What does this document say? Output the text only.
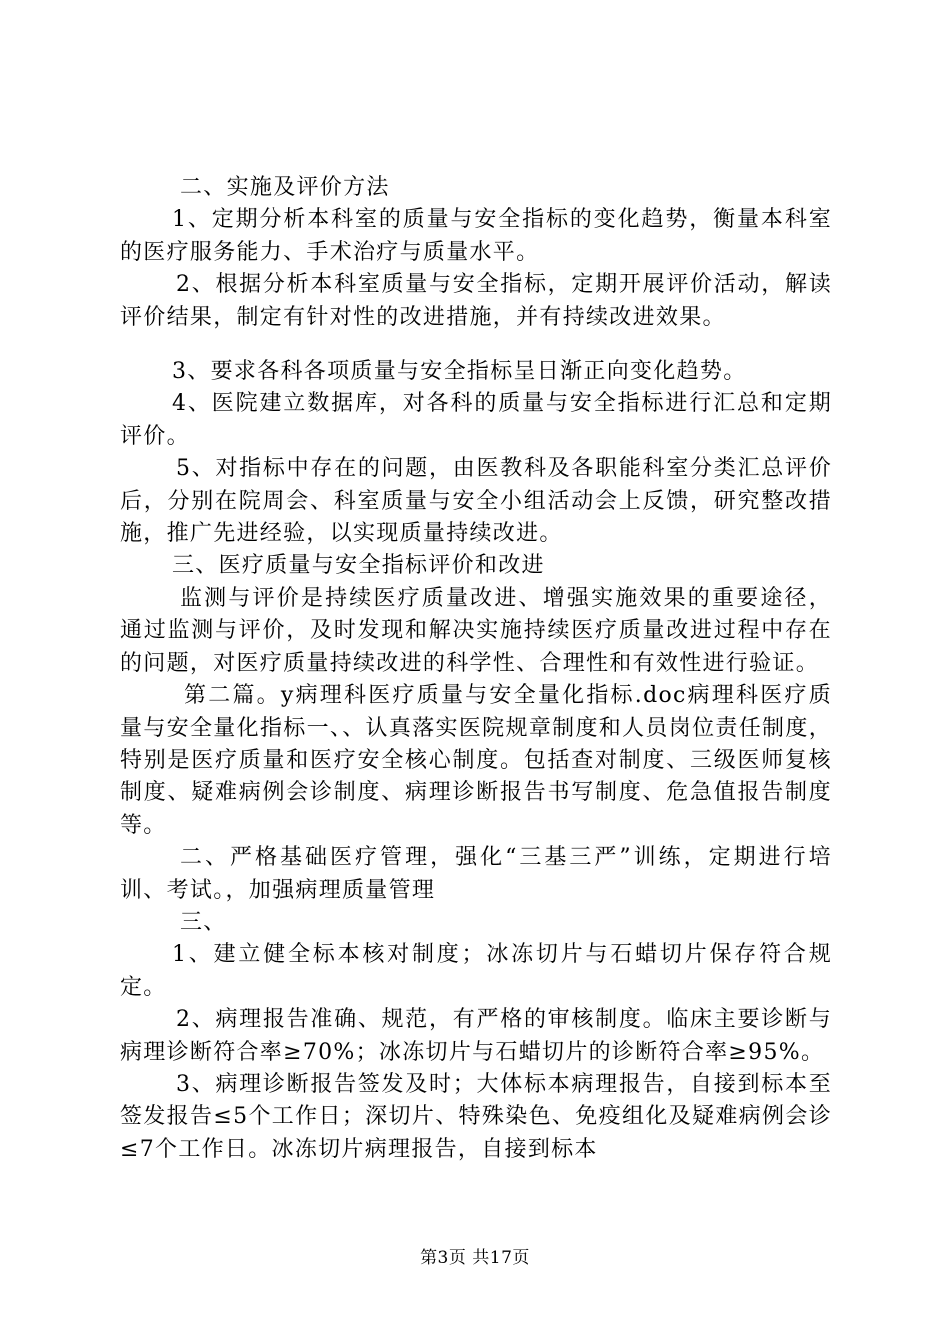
二、实施及评价方法

1、定期分析本科室的质量与安全指标的变化趋势，衡量本科室的医疗服务能力、手术治疗与质量水平。

2、根据分析本科室质量与安全指标，定期开展评价活动，解读评价结果，制定有针对性的改进措施，并有持续改进效果。

3、要求各科各项质量与安全指标呈日渐正向变化趋势。

4、医院建立数据库，对各科的质量与安全指标进行汇总和定期评价。

5、对指标中存在的问题，由医教科及各职能科室分类汇总评价后，分别在院周会、科室质量与安全小组活动会上反馈，研究整改措施，推广先进经验，以实现质量持续改进。

三、医疗质量与安全指标评价和改进

监测与评价是持续医疗质量改进、增强实施效果的重要途径，通过监测与评价，及时发现和解决实施持续医疗质量改进过程中存在的问题，对医疗质量持续改进的科学性、合理性和有效性进行验证。

第二篇。y病理科医疗质量与安全量化指标.doc病理科医疗质量与安全量化指标一、、认真落实医院规章制度和人员岗位责任制度，特别是医疗质量和医疗安全核心制度。包括查对制度、三级医师复核制度、疑难病例会诊制度、病理诊断报告书写制度、危急值报告制度等。

二、严格基础医疗管理，强化“三基三严”训练，定期进行培训、考试。，加强病理质量管理

三、

1、建立健全标本核对制度；冰冻切片与石蜡切片保存符合规定。

2、病理报告准确、规范，有严格的审核制度。临床主要诊断与病理诊断符合率≥70%；冰冻切片与石蜡切片的诊断符合率≥95%。

3、病理诊断报告签发及时；大体标本病理报告，自接到标本至签发报告≤5个工作日；深切片、特殊染色、免疫组化及疑难病例会诊≤7个工作日。冰冻切片病理报告，自接到标本

第3页 共17页
